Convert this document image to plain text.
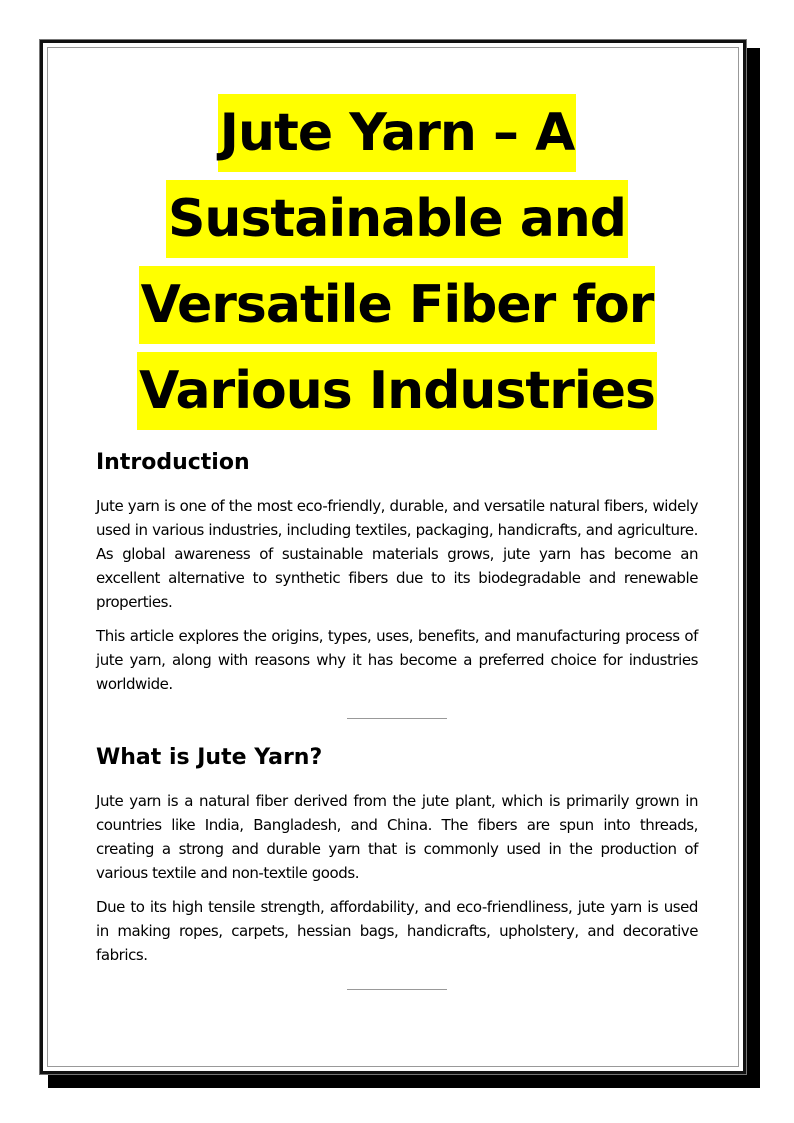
Jute Yarn – A
Sustainable and
Versatile Fiber for
Various Industries
Introduction

Jute yarn is one of the most eco-friendly, durable, and versatile natural fibers, widely used in various industries, including textiles, packaging, handicrafts, and agriculture. As global awareness of sustainable materials grows, jute yarn has become an excellent alternative to synthetic fibers due to its biodegradable and renewable properties.

This article explores the origins, types, uses, benefits, and manufacturing process of jute yarn, along with reasons why it has become a preferred choice for industries worldwide.

What is Jute Yarn?

Jute yarn is a natural fiber derived from the jute plant, which is primarily grown in countries like India, Bangladesh, and China. The fibers are spun into threads, creating a strong and durable yarn that is commonly used in the production of various textile and non-textile goods.

Due to its high tensile strength, affordability, and eco-friendliness, jute yarn is used in making ropes, carpets, hessian bags, handicrafts, upholstery, and decorative fabrics.
